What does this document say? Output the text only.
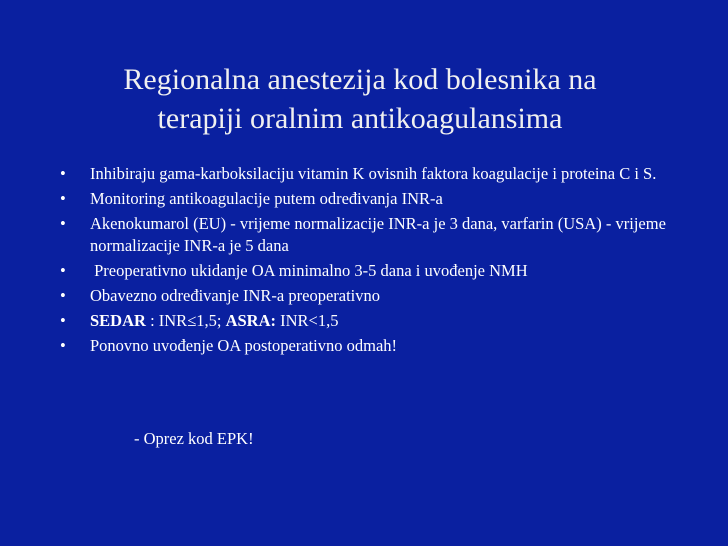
Regionalna anestezija kod bolesnika na
terapiji oralnim antikoagulansima
• Inhibiraju gama-karboksilaciju vitamin K ovisnih faktora koagulacije i proteina C i S.
• Monitoring antikoagulacije putem određivanja INR-a
• Akenokumarol (EU) - vrijeme normalizacije INR-a je 3 dana, varfarin (USA) - vrijeme normalizacije INR-a je 5 dana
• Preoperativno ukidanje OA minimalno 3-5 dana i uvođenje NMH
• Obavezno određivanje INR-a preoperativno
• SEDAR : INR≤1,5; ASRA: INR<1,5
• Ponovno uvođenje OA postoperativno odmah!
- Oprez kod EPK!
